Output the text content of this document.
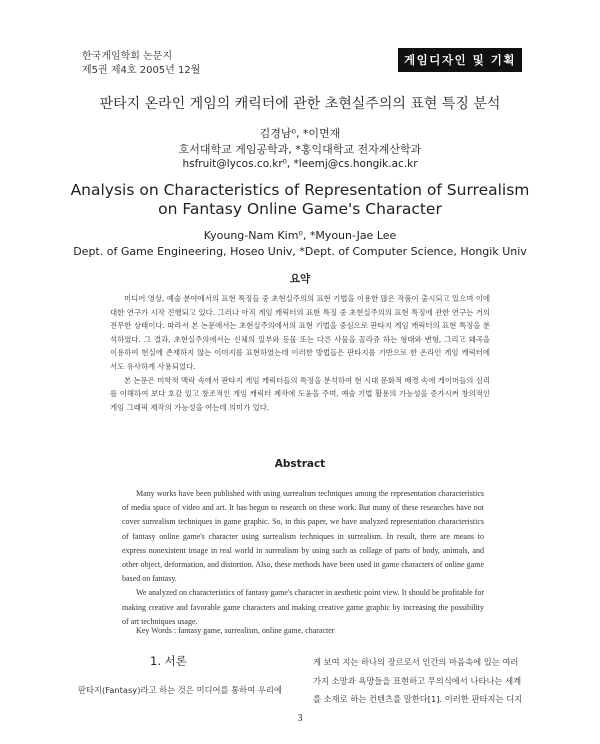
한국게임학회 논문지
제5권 제4호 2005년 12월
게임디자인 및 기획
판타지 온라인 게임의 캐릭터에 관한 초현실주의의 표현 특징 분석
김경남⁰, *이면재
호서대학교 게임공학과, *홍익대학교 전자계산학과
hsfruit@lycos.co.kr⁰, *leemj@cs.hongik.ac.kr
Analysis on Characteristics of Representation of Surrealism
on Fantasy Online Game's Character
Kyoung-Nam Kim⁰, *Myoun-Jae Lee
Dept. of Game Engineering, Hoseo Univ, *Dept. of Computer Science, Hongik Univ
요약

미디어 영상, 예술 분야에서의 표현 특징들 중 초현실주의의 표현 기법을 이용한 많은 작품이 출시되고 있으며 이에 대한 연구가 시작 진행되고 있다. 그러나 아직 게임 캐릭터의 표현 특징 중 초현실주의의 표현 특징에 관한 연구는 거의 전무한 상태이다. 따라서 본 논문에서는 초현실주의에서의 표현 기법을 중심으로 판타지 게임 캐릭터의 표현 특징을 분석하였다. 그 결과, 초현실주의에서는 신체의 일부와 동물 또는 다른 사물을 꼴라쥬 하는 형태와 변형, 그리고 왜곡을 이용하여 현실에 존재하지 않는 이미지를 표현하였는데 이러한 방법들은 판타지를 기반으로 한 온라인 게임 캐릭터에서도 유사하게 사용되었다.

본 논문은 미학적 맥락 속에서 판타지 게임 캐릭터들의 특징을 분석하여 현 시대 문화적 배경 속에 게이머들의 심리를 이해하여 보다 호감 있고 창조적인 게임 캐릭터 제작에 도움을 주며, 예술 기법 활용의 가능성을 증가시켜 창의적인 게임 그래픽 제작의 가능성을 여는데 의미가 있다.

Abstract

Many works have been published with using surrealism techniques among the representation characteristics of media space of video and art. It has begun to research on these work. But many of these researches have not cover surrealism techniques in game graphic. So, in this paper, we have analyzed representation characteristics of fantasy online game's character using surrealism techniques in surrealism. In result, there are means to express nonexistent image in real world in surrealism by using such as collage of parts of body, animals, and other object, deformation, and distortion. Also, these methods have been used in game characters of online game based on fantasy.

We analyzed on characteristics of fantasy game's character in aesthetic point view. It should be profitable for making creative and favorable game characters and making creative game graphic by increasing the possibility of art techniques usage.

Key Words : fantasy game, surrealism, online game, character
1. 서론
판타지(Fantasy)라고 하는 것은 미디어를 통하여 우리에
게 보여 지는 하나의 장르로서 인간의 마음속에 있는 여러
가지 소망과 욕망들을 표현하고 무의식에서 나타나는 세계
를 소재로 하는 컨텐츠를 말한다[1]. 이러한 판타지는 디지
3
